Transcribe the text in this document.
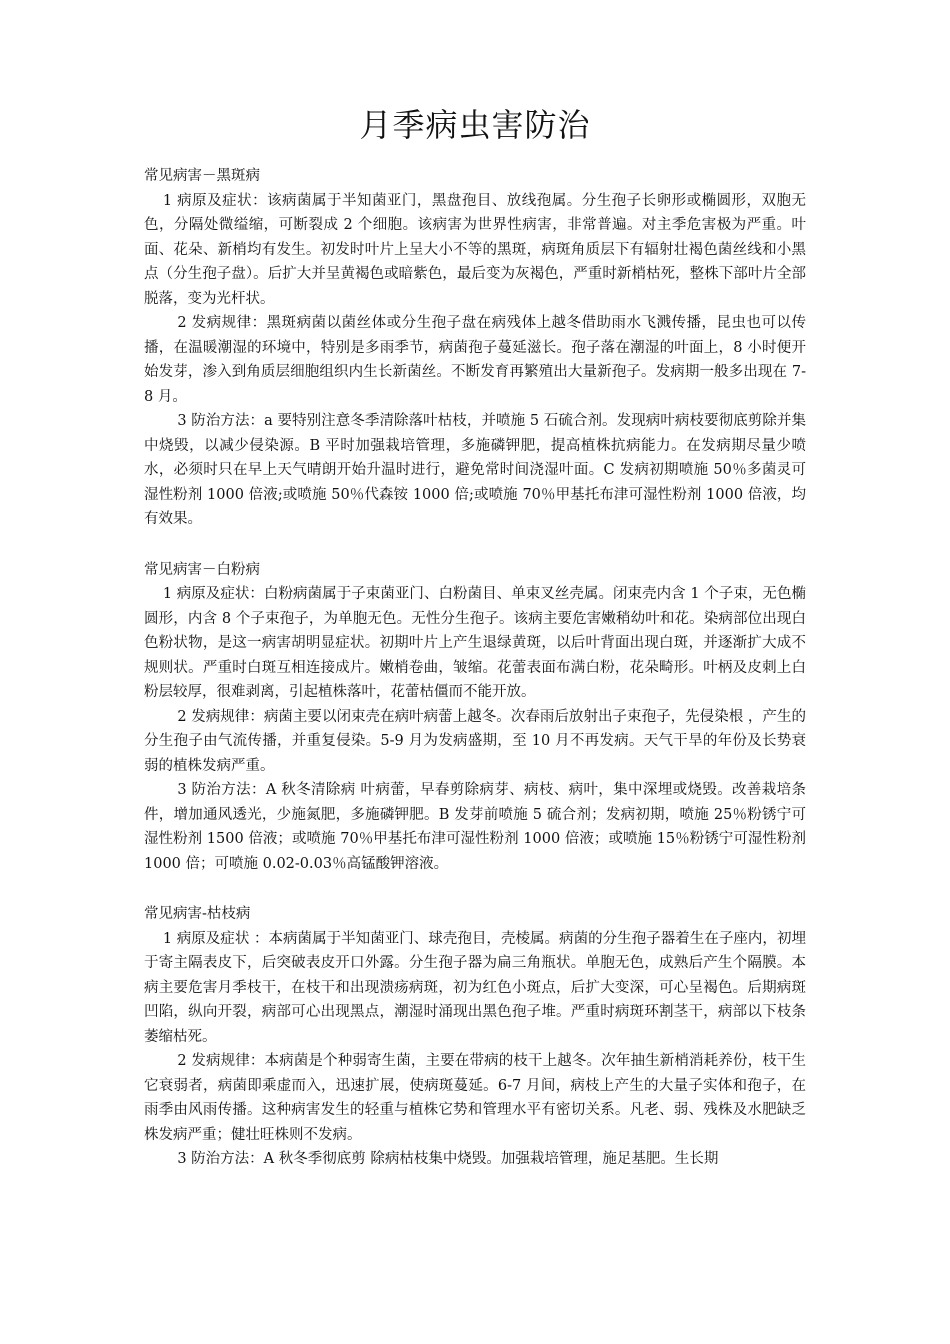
月季病虫害防治

常见病害－黑斑病

1 病原及症状：该病菌属于半知菌亚门，黑盘孢目、放线孢属。分生孢子长卵形或椭圆形，双胞无色，分隔处微缢缩，可断裂成 2 个细胞。该病害为世界性病害，非常普遍。对主季危害极为严重。叶面、花朵、新梢均有发生。初发时叶片上呈大小不等的黑斑，病斑角质层下有辐射壮褐色菌丝线和小黑点（分生孢子盘）。后扩大并呈黄褐色或暗紫色，最后变为灰褐色，严重时新梢枯死，整株下部叶片全部脱落，变为光杆状。

2 发病规律：黑斑病菌以菌丝体或分生孢子盘在病残体上越冬借助雨水飞溅传播，昆虫也可以传播，在温暖潮湿的环境中，特别是多雨季节，病菌孢子蔓延滋长。孢子落在潮湿的叶面上，8 小时便开始发芽，渗入到角质层细胞组织内生长新菌丝。不断发育再繁殖出大量新孢子。发病期一般多出现在 7-8 月。

3 防治方法：a 要特别注意冬季清除落叶枯枝，并喷施 5 石硫合剂。发现病叶病枝要彻底剪除并集中烧毁，以减少侵染源。B 平时加强栽培管理，多施磷钾肥，提高植株抗病能力。在发病期尽量少喷水，必须时只在早上天气晴朗开始升温时进行，避免常时间浇湿叶面。C 发病初期喷施 50％多菌灵可湿性粉剂 1000 倍液;或喷施 50％代森铵 1000 倍;或喷施 70％甲基托布津可湿性粉剂 1000 倍液，均有效果。

常见病害－白粉病

1 病原及症状：白粉病菌属于子束菌亚门、白粉菌目、单束叉丝壳属。闭束壳内含 1 个子束，无色椭圆形，内含 8 个子束孢子，为单胞无色。无性分生孢子。该病主要危害嫩稍幼叶和花。染病部位出现白色粉状物，是这一病害胡明显症状。初期叶片上产生退绿黄斑，以后叶背面出现白斑，并逐渐扩大成不规则状。严重时白斑互相连接成片。嫩梢卷曲，皱缩。花蕾表面布满白粉，花朵畸形。叶柄及皮刺上白粉层较厚，很难剥离，引起植株落叶，花蕾枯僵而不能开放。

2 发病规律：病菌主要以闭束壳在病叶病蕾上越冬。次春雨后放射出子束孢子，先侵染根 ，产生的分生孢子由气流传播，并重复侵染。5-9 月为发病盛期，至 10 月不再发病。天气干旱的年份及长势衰弱的植株发病严重。

3 防治方法：A 秋冬清除病 叶病蕾，早春剪除病芽、病枝、病叶，集中深埋或烧毁。改善栽培条件，增加通风透光，少施氮肥，多施磷钾肥。B 发芽前喷施 5 硫合剂；发病初期，喷施 25％粉锈宁可湿性粉剂 1500 倍液；或喷施 70％甲基托布津可湿性粉剂 1000 倍液；或喷施 15％粉锈宁可湿性粉剂 1000 倍；可喷施 0.02-0.03％高锰酸钾溶液。

常见病害-枯枝病

1 病原及症状 ：本病菌属于半知菌亚门、球壳孢目，壳棱属。病菌的分生孢子器着生在子座内，初埋于寄主隔表皮下，后突破表皮开口外露。分生孢子器为扁三角瓶状。单胞无色，成熟后产生个隔膜。本病主要危害月季枝干，在枝干和出现溃疡病斑，初为红色小斑点，后扩大变深，可心呈褐色。后期病斑凹陷，纵向开裂，病部可心出现黑点，潮湿时涌现出黑色孢子堆。严重时病斑环割茎干，病部以下枝条萎缩枯死。

2 发病规律：本病菌是个种弱寄生菌，主要在带病的枝干上越冬。次年抽生新梢消耗养份，枝干生它衰弱者，病菌即乘虚而入，迅速扩展，使病斑蔓延。6-7 月间，病枝上产生的大量子实体和孢子，在雨季由风雨传播。这种病害发生的轻重与植株它势和管理水平有密切关系。凡老、弱、残株及水肥缺乏株发病严重；健壮旺株则不发病。

3 防治方法：A 秋冬季彻底剪 除病枯枝集中烧毁。加强栽培管理，施足基肥。生长期
